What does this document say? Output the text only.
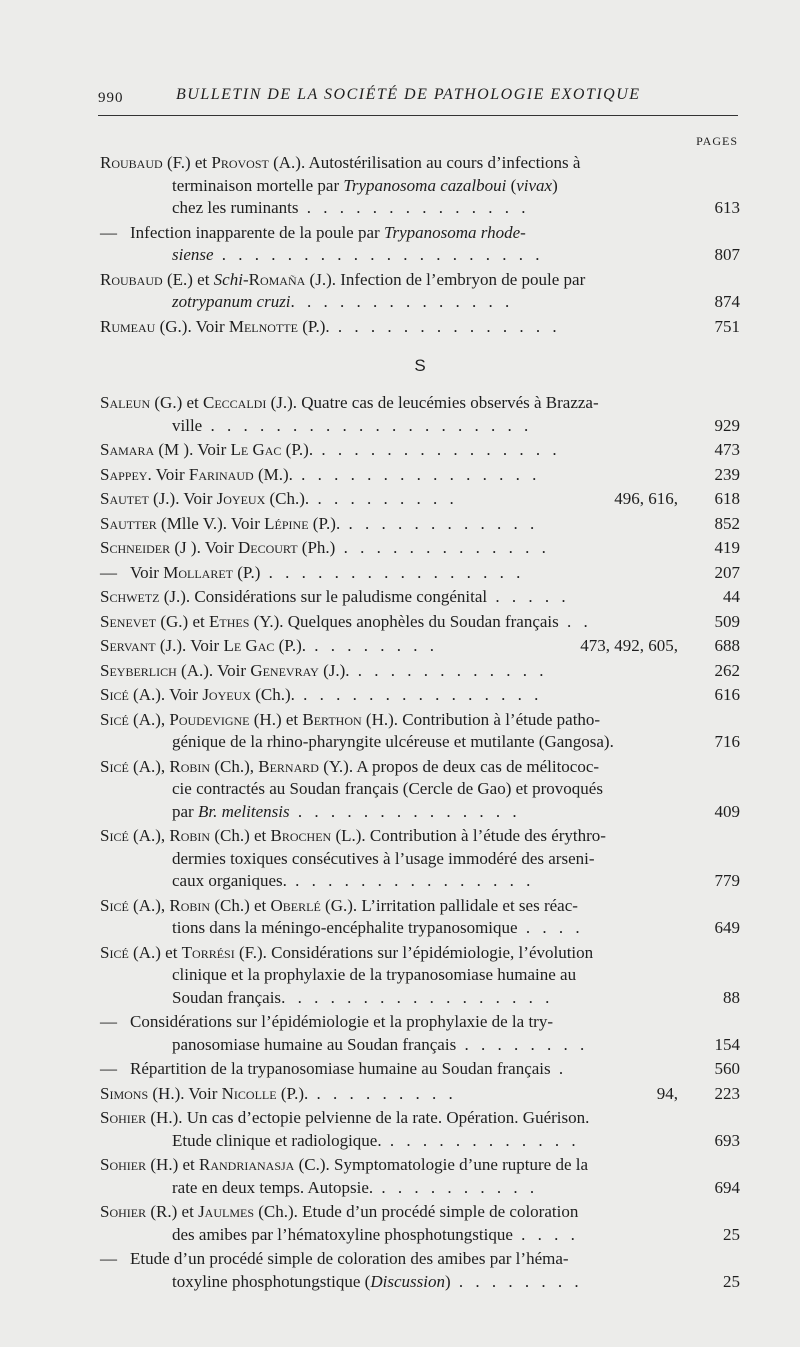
990	BULLETIN DE LA SOCIÉTÉ DE PATHOLOGIE EXOTIQUE
PAGES
Roubaud (F.) et Provost (A.). Autostérilisation au cours d’infections à
terminaison mortelle par Trypanosoma cazalboui (vivax)
chez les ruminants . . . . . . . . . . . . . .	613
— Infection inapparente de la poule par Trypanosoma rhode-
siense . . . . . . . . . . . . . . . . . . . .	807
Roubaud (E.) et Schi-Romaña (J.). Infection de l’embryon de poule par
zotrypanum cruzi. . . . . . . . . . . . . .	874
Rumeau (G.). Voir Melnotte (P.). . . . . . . . . . . . . . .	751
S
Saleun (G.) et Ceccaldi (J.). Quatre cas de leucémies observés à Brazza-
ville . . . . . . . . . . . . . . . . . . . .	929
Samara (M ). Voir Le Gac (P.). . . . . . . . . . . . . . . .	473
Sappey. Voir Farinaud (M.). . . . . . . . . . . . . . . .	239
Sautet (J.). Voir Joyeux (Ch.). . . . . . . . . .	496, 616, 618
Sautter (Mlle V.). Voir Lépine (P.). . . . . . . . . . . . .	852
Schneider (J ). Voir Decourt (Ph.) . . . . . . . . . . . . .	419
— Voir Mollaret (P.) . . . . . . . . . . . . . . . .	207
Schwetz (J.). Considérations sur le paludisme congénital . . . . .	44
Senevet (G.) et Ethes (Y.). Quelques anophèles du Soudan français . .	509
Servant (J.). Voir Le Gac (P.). . . . . . . . .	473, 492, 605, 688
Seyberlich (A.). Voir Genevray (J.). . . . . . . . . . . . .	262
Sicé (A.). Voir Joyeux (Ch.). . . . . . . . . . . . . . . .	616
Sicé (A.), Poudevigne (H.) et Berthon (H.). Contribution à l’étude patho-
génique de la rhino-pharyngite ulcéreuse et mutilante (Gangosa).	716
Sicé (A.), Robin (Ch.), Bernard (Y.). A propos de deux cas de mélitococ-
cie contractés au Soudan français (Cercle de Gao) et provoqués
par Br. melitensis . . . . . . . . . . . . . .	409
Sicé (A.), Robin (Ch.) et Brochen (L.). Contribution à l’étude des érythro-
dermies toxiques consécutives à l’usage immodéré des arseni-
caux organiques. . . . . . . . . . . . . . . .	779
Sicé (A.), Robin (Ch.) et Oberlé (G.). L’irritation pallidale et ses réac-
tions dans la méningo-encéphalite trypanosomique . . . .	649
Sicé (A.) et Torrési (F.). Considérations sur l’épidémiologie, l’évolution
clinique et la prophylaxie de la trypanosomiase humaine au
Soudan français. . . . . . . . . . . . . . . . .	88
— Considérations sur l’épidémiologie et la prophylaxie de la try-
panosomiase humaine au Soudan français . . . . . . . .	154
— Répartition de la trypanosomiase humaine au Soudan français .	560
Simons (H.). Voir Nicolle (P.). . . . . . . . . .	94, 223
Sohier (H.). Un cas d’ectopie pelvienne de la rate. Opération. Guérison.
Etude clinique et radiologique. . . . . . . . . . . . .	693
Sohier (H.) et Randrianasja (C.). Symptomatologie d’une rupture de la
rate en deux temps. Autopsie. . . . . . . . . . .	694
Sohier (R.) et Jaulmes (Ch.). Etude d’un procédé simple de coloration
des amibes par l’hématoxyline phosphotungstique . . . .	25
— Etude d’un procédé simple de coloration des amibes par l’héma-
toxyline phosphotungstique (Discussion) . . . . . . . .	25
